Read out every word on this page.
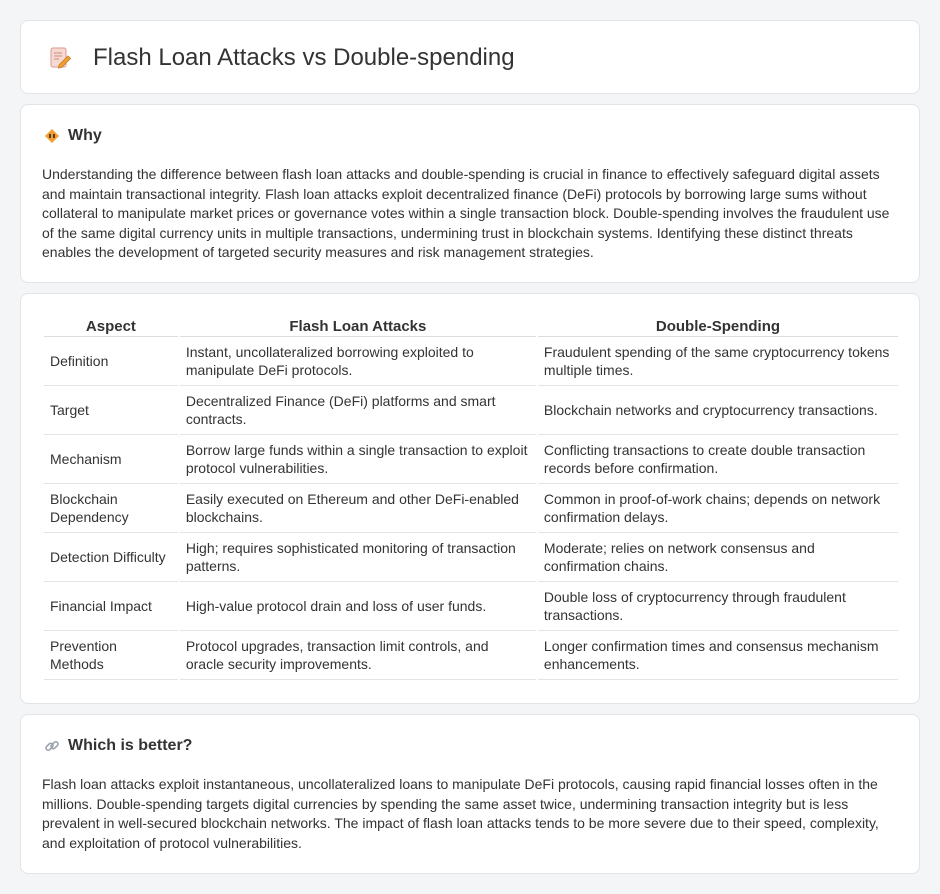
Flash Loan Attacks vs Double-spending
Why

Understanding the difference between flash loan attacks and double-spending is crucial in finance to effectively safeguard digital assets and maintain transactional integrity. Flash loan attacks exploit decentralized finance (DeFi) protocols by borrowing large sums without collateral to manipulate market prices or governance votes within a single transaction block. Double-spending involves the fraudulent use of the same digital currency units in multiple transactions, undermining trust in blockchain systems. Identifying these distinct threats enables the development of targeted security measures and risk management strategies.

Aspect	Flash Loan Attacks	Double-Spending
Definition	Instant, uncollateralized borrowing exploited to manipulate DeFi protocols.	Fraudulent spending of the same cryptocurrency tokens multiple times.
Target	Decentralized Finance (DeFi) platforms and smart contracts.	Blockchain networks and cryptocurrency transactions.
Mechanism	Borrow large funds within a single transaction to exploit protocol vulnerabilities.	Conflicting transactions to create double transaction records before confirmation.
Blockchain Dependency	Easily executed on Ethereum and other DeFi-enabled blockchains.	Common in proof-of-work chains; depends on network confirmation delays.
Detection Difficulty	High; requires sophisticated monitoring of transaction patterns.	Moderate; relies on network consensus and confirmation chains.
Financial Impact	High-value protocol drain and loss of user funds.	Double loss of cryptocurrency through fraudulent transactions.
Prevention Methods	Protocol upgrades, transaction limit controls, and oracle security improvements.	Longer confirmation times and consensus mechanism enhancements.
Which is better?

Flash loan attacks exploit instantaneous, uncollateralized loans to manipulate DeFi protocols, causing rapid financial losses often in the millions. Double-spending targets digital currencies by spending the same asset twice, undermining transaction integrity but is less prevalent in well-secured blockchain networks. The impact of flash loan attacks tends to be more severe due to their speed, complexity, and exploitation of protocol vulnerabilities.
